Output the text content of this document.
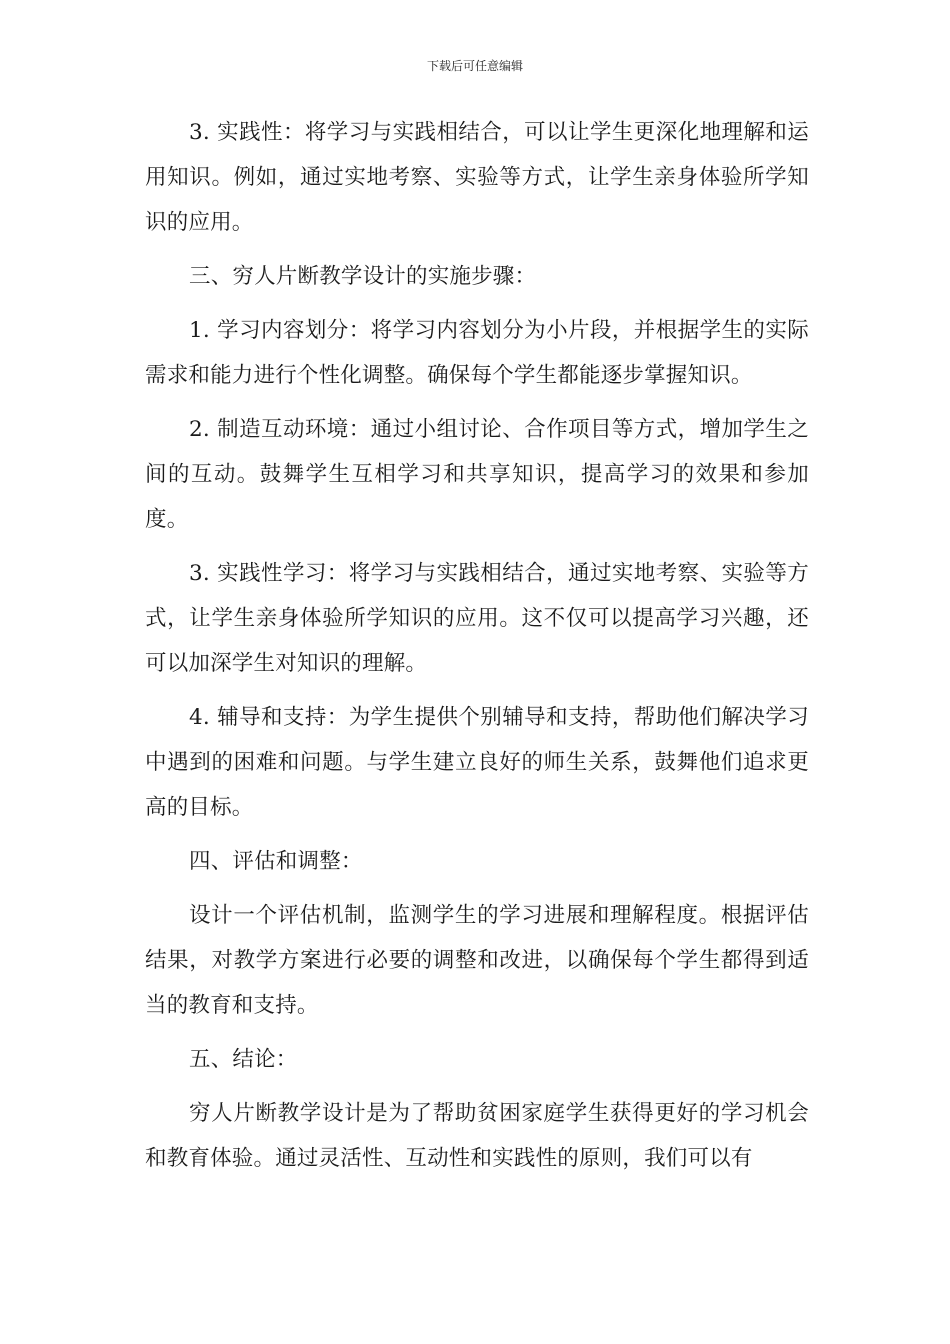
下载后可任意编辑

3. 实践性：将学习与实践相结合，可以让学生更深化地理解和运用知识。例如，通过实地考察、实验等方式，让学生亲身体验所学知识的应用。

三、穷人片断教学设计的实施步骤：

1. 学习内容划分：将学习内容划分为小片段，并根据学生的实际需求和能力进行个性化调整。确保每个学生都能逐步掌握知识。

2. 制造互动环境：通过小组讨论、合作项目等方式，增加学生之间的互动。鼓舞学生互相学习和共享知识，提高学习的效果和参加度。

3. 实践性学习：将学习与实践相结合，通过实地考察、实验等方式，让学生亲身体验所学知识的应用。这不仅可以提高学习兴趣，还可以加深学生对知识的理解。

4. 辅导和支持：为学生提供个别辅导和支持，帮助他们解决学习中遇到的困难和问题。与学生建立良好的师生关系，鼓舞他们追求更高的目标。

四、评估和调整：

设计一个评估机制，监测学生的学习进展和理解程度。根据评估结果，对教学方案进行必要的调整和改进，以确保每个学生都得到适当的教育和支持。

五、结论：

穷人片断教学设计是为了帮助贫困家庭学生获得更好的学习机会和教育体验。通过灵活性、互动性和实践性的原则，我们可以有
